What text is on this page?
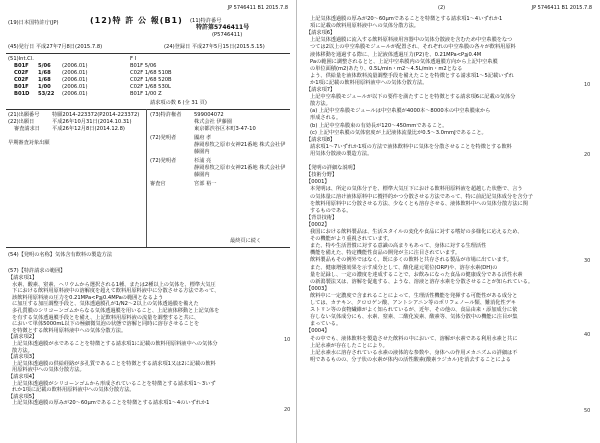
JP 5746411 B1 2015.7.8
(19)日本国特許庁(JP)	(12)特 許 公 報(B1) (11)特許番号
特許第5746411号
(P5746411)
(45)発行日 平成27年7月8日(2015.7.8)	(24)登録日 平成27年5月15日(2015.5.15)
(51)Int.Cl.	F I
B01F 5/06 (2006.01)	B01F 5/06
C02F 1/68 (2006.01)	C02F 1/68 510B
C02F 1/68 (2006.01)	C02F 1/68 520B
B01F 1/00 (2006.01)	C02F 1/68 530L
B01D 53/22 (2006.01)	B01F 1/00 Z
請求項の数 6 (全 31 頁)
(21)出願番号 特願2014-223372(P2014-223372)
(22)出願日	平成26年10月31日(2014.10.31)
審査請求日 平成26年12月8日(2014.12.8)
早期審査対象出願
(73)特許権者 599004072
株式会社 伊藤園
東京都渋谷区本町3-47-10
(72)発明者	國府 孝
静岡県牧之原市女神21番地 株式会社伊
藤園内
(72)発明者	杉浦 亮
静岡県牧之原市女神21番地 株式会社伊
藤園内
審査官	宮部 裕一
最終頁に続く
(54)【発明の名称】気体含有飲料の製造方法
(57)【特許請求の範囲】
【請求項1】
水素、酸素、窒素、ヘリウムから選択される1種、または2種以上の気体を、標準大気圧
下における飲料用原料液中の溶解度を超えて飲料用原料液中に分散させる方法であって、
該飲料用原料液の圧力を0.21MPa<P≦0.4MPaの範囲となるよう
に加圧する加圧調整手段と、気体透過膜孔が1/N2～2以上の気体透過膜を備えた
多孔質膜のシリコーンゴムからなる気体透過膜を用いること、上記液体移動と上記気体を
を有する気体透過膜手段とを備え、上記飲料用原料液の流量を調整すると共に、
において単体5000mL以下の極細微気泡の状態で溶解と同時に溶存させることを
を特徴とする飲料用原料液中への気体分散方法。
【請求項2】
上記気体透過膜が水であることを特徴とする請求項1に記載の飲料用原料液中への気体分
散方法。
【請求項3】
上記気体透過膜の供給経路が多孔質であることを特徴とする請求項1又は2に記載の飲料
用原料液中への気体分散方法。
【請求項4】
上記気体透過膜がシリコーンゴムから形成されていることを特徴とする請求項1～3いず
れか1項に記載の飲料用原料液中への気体分散方法。
【請求項5】
上記気体透過膜の厚みが20～60μmであることを特徴とする請求項1～4のいずれか1
10
20
(2)	JP 5746411 B1 2015.7.8
上記気体透過膜の厚みが20～60μmであることを特徴とする請求項1～4いずれか1
項に記載の飲料用原料液中への気体分散方法。
【請求項6】
上記気体透過膜に流入する飲料原料液用容器中の気体分散液を含むため中空糸膜をなつ
つては2以上の中空糸膜モジュールが配置され、それぞれの中空糸膜の各々が飲料用原料
液体移動を通過する際に、上記液体透過圧力(P2)を、0.21MPa<P≦0.4M
Paの範囲に調整されるとと、上記中空糸膜内の気体透過膜方向から上記中空糸膜
の単位面積(m2)あたり、0.5L/min・m2～4.5L/min・m2となる
よう、供給量を液体飲料流量調整手段を備えたことを特徴とする請求項1～5記載いずれ
か1項に記載の飲料用原料液中への気体分散方法。
【請求項7】
上記中空糸膜モジュールが以下の要件を満たすことを特徴とする請求項6に記載の気体分
散方法。
(a) 上記中空糸膜モジュールは中空糸膜が4000本～8000本の中空糸膜束から
形成される。
(b) 上記中空糸膜束の有効長が120～450mmであること。
(c) 上記中空糸膜の気体密度が上記液体流量比が0.5～3.0mmJであること。
【請求項8】
請求項1～7いずれか1項の方法で液体飲料中に気体を分散させることを特徴とする飲料
用気体分散液の製造方法。
【発明の詳細な説明】
【技術分野】
【0001】
本発明は、所定の気体分子を、標準大気圧下における飲料用原料液を超越した状態で、言う
の気体量に溶け液体原料中に攪拌的かつ分散させる方法であって、特に前記記気体成分を含分子
を飲料用原料中に分散させる方法、少なくとも溶存させる、液体飲料中への気体分散方法に関
するものである。
【背景技術】
【0002】
我国における飲料製品は、生活スタイルの変化や食品に対する嗜好の多様化に応えるため、
その機能がより重視されています。
また、特や生活習慣に対する意識の高まりもあって、身体に対する生理活性
機能を備えた、特定機能性食品の開発が主に注目されています。
飲料製品もその例外ではなく、既に多くの飲料と共存される製品が市場に出ています。
また、健康増強効果を示す成分として、酸化還元電位(ORP)や、溶存水素(DH)の
量を記録し、一定の濃度を達成することで、お飲みになった食品の健康成分である活性水素
の新潟製法又は、溶解を促進する、ような、溶液と溶存水素を分散させることが知られている。
【0003】
飲料中に一定濃度で含まれることによって、生理活性機能を発揮する可能性がある成分と
しては、カテキン、クロロゲン酸、アントシアニン等のポリフェノール類、難消化性デキ
ストリン等の食物繊維がよく知られているが、近年、その他の、食品由来・添加成分に依
存しない気体成分にも、水素、窒素、二酸化炭素、酸素等、気体分散中の機能に注目が集
まっている。
【0004】
その中でも、液体飲料を製造させた飲料の中において、溶解が水素である利用水素と共に
上記水素が存在したことにより。
上記水素水に溶存されている水素の液体的な参数や、身体への作用メカニズムの詳細は不
明であるものの、分子状の水素が体内の活性酸素(酸素ラジカル)を消去することによる
10
20
30
40
50
